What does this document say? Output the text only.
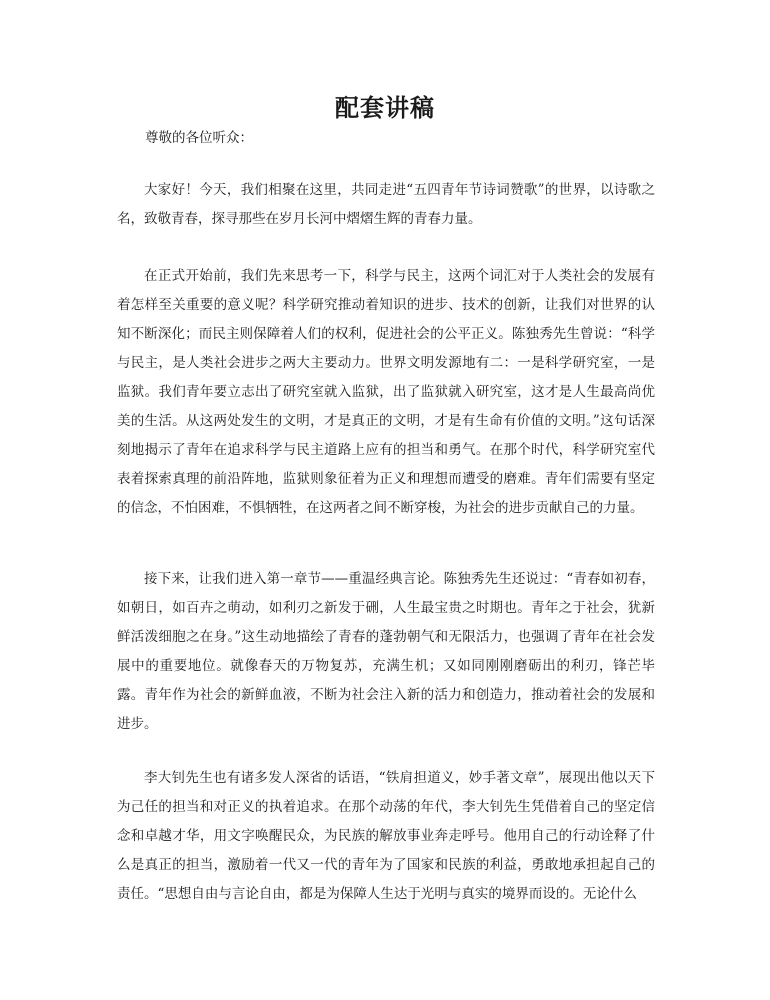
配套讲稿

尊敬的各位听众：

大家好！今天，我们相聚在这里，共同走进“五四青年节诗词赞歌”的世界，以诗歌之名，致敬青春，探寻那些在岁月长河中熠熠生辉的青春力量。

在正式开始前，我们先来思考一下，科学与民主，这两个词汇对于人类社会的发展有着怎样至关重要的意义呢？科学研究推动着知识的进步、技术的创新，让我们对世界的认知不断深化；而民主则保障着人们的权利，促进社会的公平正义。陈独秀先生曾说：“科学与民主，是人类社会进步之两大主要动力。世界文明发源地有二：一是科学研究室，一是监狱。我们青年要立志出了研究室就入监狱，出了监狱就入研究室，这才是人生最高尚优美的生活。从这两处发生的文明，才是真正的文明，才是有生命有价值的文明。”这句话深刻地揭示了青年在追求科学与民主道路上应有的担当和勇气。在那个时代，科学研究室代表着探索真理的前沿阵地，监狱则象征着为正义和理想而遭受的磨难。青年们需要有坚定的信念，不怕困难，不惧牺牲，在这两者之间不断穿梭，为社会的进步贡献自己的力量。

接下来，让我们进入第一章节——重温经典言论。陈独秀先生还说过：“青春如初春，如朝日，如百卉之萌动，如利刃之新发于硎，人生最宝贵之时期也。青年之于社会，犹新鲜活泼细胞之在身。”这生动地描绘了青春的蓬勃朝气和无限活力，也强调了青年在社会发展中的重要地位。就像春天的万物复苏，充满生机；又如同刚刚磨砺出的利刃，锋芒毕露。青年作为社会的新鲜血液，不断为社会注入新的活力和创造力，推动着社会的发展和进步。

李大钊先生也有诸多发人深省的话语，“铁肩担道义，妙手著文章”，展现出他以天下为己任的担当和对正义的执着追求。在那个动荡的年代，李大钊先生凭借着自己的坚定信念和卓越才华，用文字唤醒民众，为民族的解放事业奔走呼号。他用自己的行动诠释了什么是真正的担当，激励着一代又一代的青年为了国家和民族的利益，勇敢地承担起自己的责任。“思想自由与言论自由，都是为保障人生达于光明与真实的境界而设的。无论什么
